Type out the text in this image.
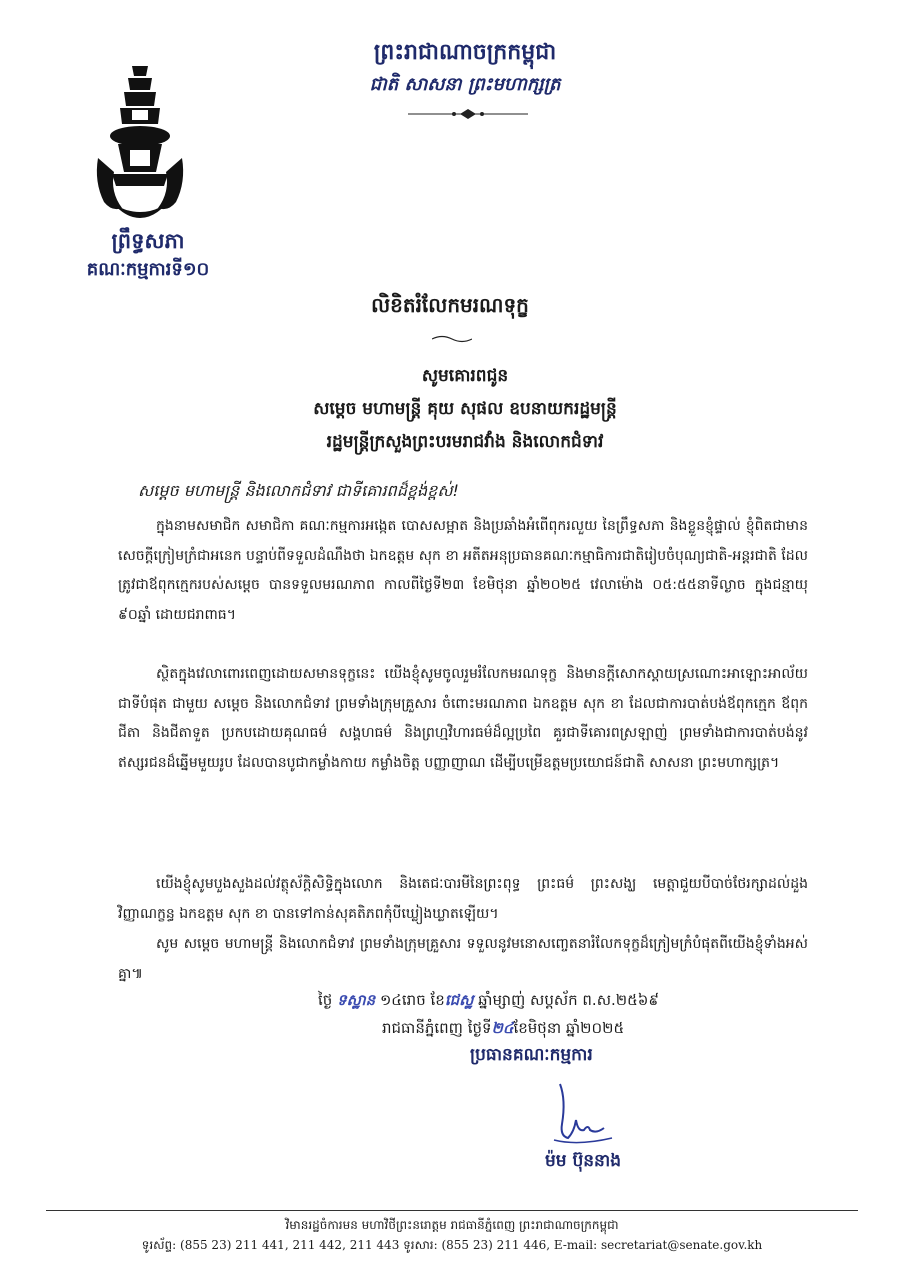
ព្រឹទ្ធសភា
គណៈកម្មការទី១០
ព្រះរាជាណាចក្រកម្ពុជា
ជាតិ សាសនា ព្រះមហាក្សត្រ
លិខិតរំលែកមរណទុក្ខ
សូមគោរពជូន
សម្តេច មហាមន្ត្រី គុយ សុផល ឧបនាយករដ្ឋមន្ត្រី
រដ្ឋមន្ត្រីក្រសួងព្រះបរមរាជវាំង និងលោកជំទាវ
សម្តេច មហាមន្ត្រី និងលោកជំទាវ ជាទីគោរពដ៏ខ្ពង់ខ្ពស់!

ក្នុងនាមសមាជិក សមាជិកា គណៈកម្មការអង្កេត បោសសម្អាត និងប្រឆាំងអំពើពុករលួយ នៃព្រឹទ្ធសភា និងខ្លួនខ្ញុំផ្ទាល់ ខ្ញុំពិតជាមានសេចក្តីក្រៀមក្រំជាអនេក បន្ទាប់ពីទទួលដំណឹងថា ឯកឧត្តម សុក ខា អតីតអនុប្រធានគណៈកម្មាធិការជាតិរៀបចំបុណ្យជាតិ-អន្តរជាតិ ដែលត្រូវជាឪពុកក្មេករបស់សម្តេច បានទទួលមរណភាព កាលពីថ្ងៃទី២៣ ខែមិថុនា ឆ្នាំ២០២៥ វេលាម៉ោង ០៥:៥៥នាទីល្ងាច ក្នុងជន្មាយុ ៩០ឆ្នាំ ដោយជរាពាធ។

ស្ថិតក្នុងវេលាពោរពេញដោយសមានទុក្ខនេះ យើងខ្ញុំសូមចូលរួមរំលែកមរណទុក្ខ និងមានក្តីសោកស្តាយស្រណោះអាឡោះអាល័យជាទីបំផុត ជាមួយ សម្តេច និងលោកជំទាវ ព្រមទាំងក្រុមគ្រួសារ ចំពោះមរណភាព ឯកឧត្តម សុក ខា ដែលជាការបាត់បង់ឪពុកក្មេក ឪពុក ជីតា និងជីតាទួត ប្រកបដោយគុណធម៌ សង្គហធម៌ និងព្រហ្មវិហារធម៌ដ៏ល្អប្រពៃ គួរជាទីគោរពស្រឡាញ់ ព្រមទាំងជាការបាត់បង់នូវឥស្សរជនដ៏ឆ្នើមមួយរូប ដែលបានបូជាកម្លាំងកាយ កម្លាំងចិត្ត បញ្ញាញាណ ដើម្បីបម្រើឧត្តមប្រយោជន៍ជាតិ សាសនា ព្រះមហាក្សត្រ។

យើងខ្ញុំសូមបួងសួងដល់វត្ថុស័ក្តិសិទ្ធិក្នុងលោក និងតេជៈបារមីនៃព្រះពុទ្ធ ព្រះធម៌ ព្រះសង្ឃ មេត្តាជួយបីបាច់ថែរក្សាដល់ដួងវិញ្ញាណក្ខន្ធ ឯកឧត្តម សុក ខា បានទៅកាន់សុគតិភពកុំបីឃ្លៀងឃ្លាតឡើយ។

សូម សម្តេច មហាមន្ត្រី និងលោកជំទាវ ព្រមទាំងក្រុមគ្រួសារ ទទួលនូវមនោសញ្ចេតនារំលែកទុក្ខដ៏ក្រៀមក្រំបំផុតពីយើងខ្ញុំទាំងអស់គ្នា៕

ថ្ងៃ ទស្ឋាន ១៤រោច ខែជេស្ឋ ឆ្នាំម្សាញ់ សប្តស័ក ព.ស.២៥៦៩
រាជធានីភ្នំពេញ ថ្ងៃទី២៤ខែមិថុនា ឆ្នាំ២០២៥
ប្រធានគណៈកម្មការ
ម៉ម ប៊ុននាង
វិមានរដ្ឋចំការមន មហាវិថីព្រះនរោត្តម រាជធានីភ្នំពេញ ព្រះរាជាណាចក្រកម្ពុជា
ទូរស័ព្ទ: (855 23) 211 441, 211 442, 211 443 ទូរសារ: (855 23) 211 446, E-mail: secretariat@senate.gov.kh
